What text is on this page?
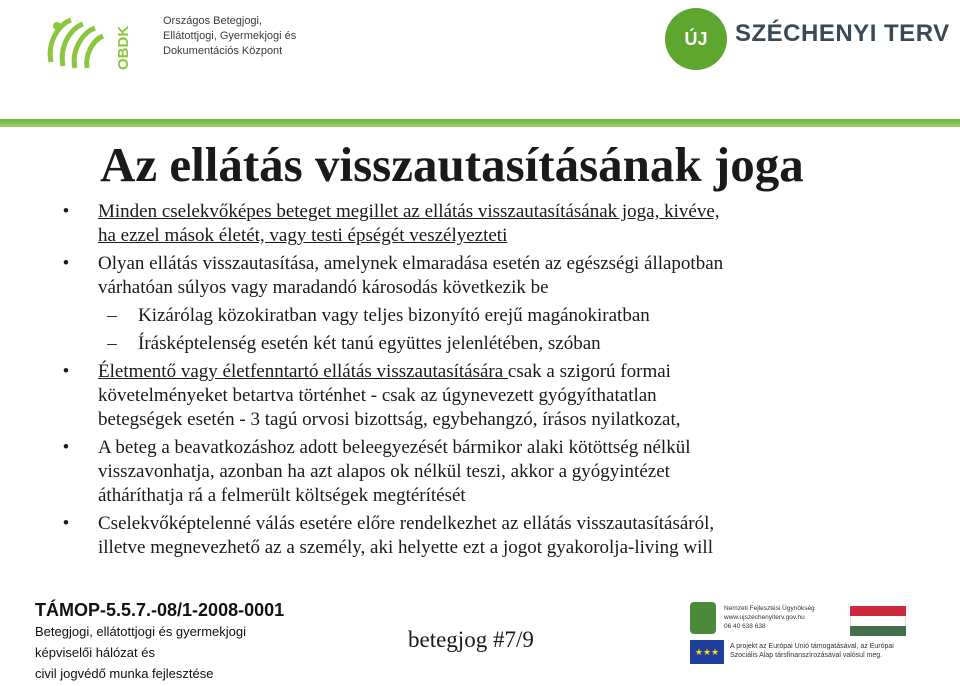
OBDK
Országos Betegjogi,
Ellátottjogi, Gyermekjogi és
Dokumentációs Központ
ÚJ	SZÉCHENYI TERV
Az ellátás visszautasításának joga
• Minden cselekvőképes beteget megillet az ellátás visszautasításának joga, kivéve,
ha ezzel mások életét, vagy testi épségét veszélyezteti
• Olyan ellátás visszautasítása, amelynek elmaradása esetén az egészségi állapotban
várhatóan súlyos vagy maradandó károsodás következik be
– Kizárólag közokiratban vagy teljes bizonyító erejű magánokiratban
– Írásképtelenség esetén két tanú együttes jelenlétében, szóban
• Életmentő vagy életfenntartó ellátás visszautasítására csak a szigorú formai
követelményeket betartva történhet - csak az úgynevezett gyógyíthatatlan
betegségek esetén - 3 tagú orvosi bizottság, egybehangzó, írásos nyilatkozat,
• A beteg a beavatkozáshoz adott beleegyezését bármikor alaki kötöttség nélkül
visszavonhatja, azonban ha azt alapos ok nélkül teszi, akkor a gyógyintézet
átháríthatja rá a felmerült költségek megtérítését
• Cselekvőképtelenné válás esetére előre rendelkezhet az ellátás visszautasításáról,
illetve megnevezhető az a személy, aki helyette ezt a jogot gyakorolja-living will
TÁMOP-5.5.7.-08/1-2008-0001
Betegjogi, ellátottjogi és gyermekjogi
képviselői hálózat és
civil jogvédő munka fejlesztése
betegjog #7/9
Nemzeti Fejlesztési Ügynökség
www.ujszechenyiterv.gov.hu
06 40 638 638
★★★
A projekt az Európai Unió támogatásával, az Európai
Szociális Alap társfinanszírozásával valósul meg.
